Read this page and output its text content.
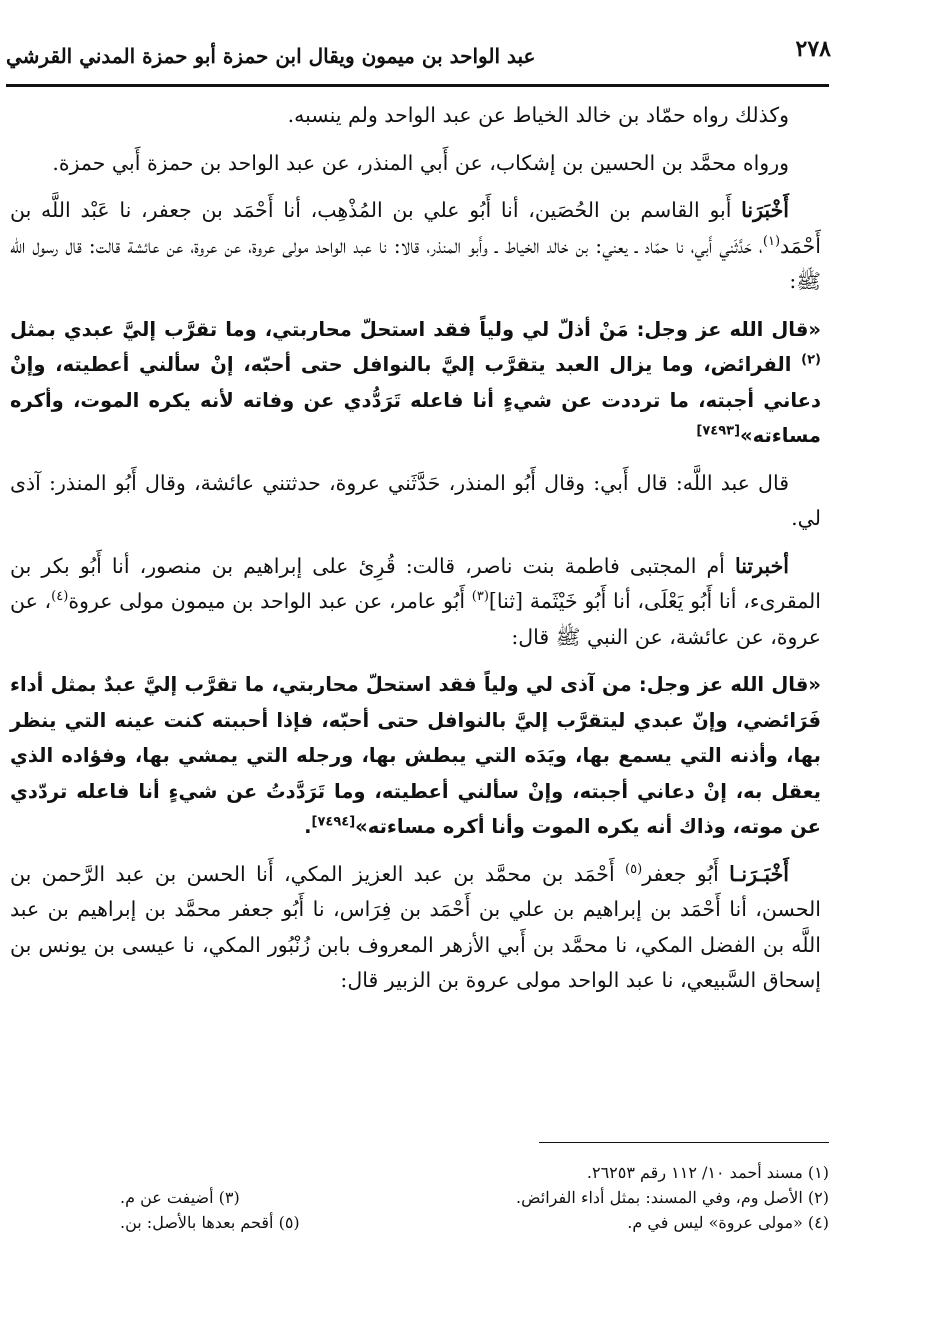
٢٧٨
عبد الواحد بن ميمون ويقال ابن حمزة أبو حمزة المدني القرشي

وكذلك رواه حمّاد بن خالد الخياط عن عبد الواحد ولم ينسبه.

ورواه محمَّد بن الحسين بن إشكاب، عن أَبي المنذر، عن عبد الواحد بن حمزة أَبي حمزة.

أَخْبَرَنا أَبو القاسم بن الحُصَين، أنا أَبُو علي بن المُذْهِب، أنا أَحْمَد بن جعفر، نا عَبْد اللَّه بن أَحْمَد$^{(١)}$، حَدَّثَني أَبي، نا حمّاد ـ يعني: بن خالد الخياط ـ وأَبو المنذر، قالا: نا عبد الواحد مولى عروة، عن عروة، عن عائشة قالت: قال رسول الله ﷺ:

«قال الله عز وجل: مَنْ أذلّ لي ولياً فقد استحلّ محاربتي، وما تقرَّب إليَّ عبدي بمثل $^{(٢)}$ الفرائض، وما يزال العبد يتقرَّب إليَّ بالنوافل حتى أحبّه، إنْ سألني أعطيته، وإنْ دعاني أجبته، ما ترددت عن شيءٍ أنا فاعله تَرَدُّدي عن وفاته لأنه يكره الموت، وأكره مساءته»[٧٤٩٣]

قال عبد اللَّه: قال أَبي: وقال أَبُو المنذر، حَدَّثَني عروة، حدثتني عائشة، وقال أَبُو المنذر: آذى لي.

أخبرتنا أم المجتبى فاطمة بنت ناصر، قالت: قُرِئ على إبراهيم بن منصور، أنا أَبُو بكر بن المقرىء، أنا أَبُو يَعْلَى، أنا أَبُو خَيْثَمة [ثنا]$^{(٣)}$ أَبُو عامر، عن عبد الواحد بن ميمون مولى عروة$^{(٤)}$، عن عروة، عن عائشة، عن النبي ﷺ قال:

«قال الله عز وجل: من آذى لي ولياً فقد استحلّ محاربتي، ما تقرَّب إليَّ عبدٌ بمثل أداء فَرَائضي، وإنّ عبدي ليتقرَّب إليَّ بالنوافل حتى أحبّه، فإذا أحببته كنت عينه التي ينظر بها، وأذنه التي يسمع بها، ويَدَه التي يبطش بها، ورجله التي يمشي بها، وفؤاده الذي يعقل به، إنْ دعاني أجبته، وإنْ سألني أعطيته، وما تَرَدَّدتُ عن شيءٍ أنا فاعله تردّدي عن موته، وذاك أنه يكره الموت وأنا أكره مساءته»[٧٤٩٤].

أَخْبَـرَنـا أَبُو جعفر$^{(٥)}$ أَحْمَد بن محمَّد بن عبد العزيز المكي، أَنا الحسن بن عبد الرَّحمن بن الحسن، أنا أَحْمَد بن إبراهيم بن علي بن أَحْمَد بن فِرَاس، نا أَبُو جعفر محمَّد بن إبراهيم بن عبد اللَّه بن الفضل المكي، نا محمَّد بن أَبي الأزهر المعروف بابن زُنْبُور المكي، نا عيسى بن يونس بن إسحاق السَّبيعي، نا عبد الواحد مولى عروة بن الزبير قال:

(١) مسند أحمد ١٠/ ١١٢ رقم ٢٦٢٥٣.
(٢) الأصل وم، وفي المسند: بمثل أداء الفرائض.
(٣) أضيفت عن م.
(٤) «مولى عروة» ليس في م.
(٥) أقحم بعدها بالأصل: بن.
